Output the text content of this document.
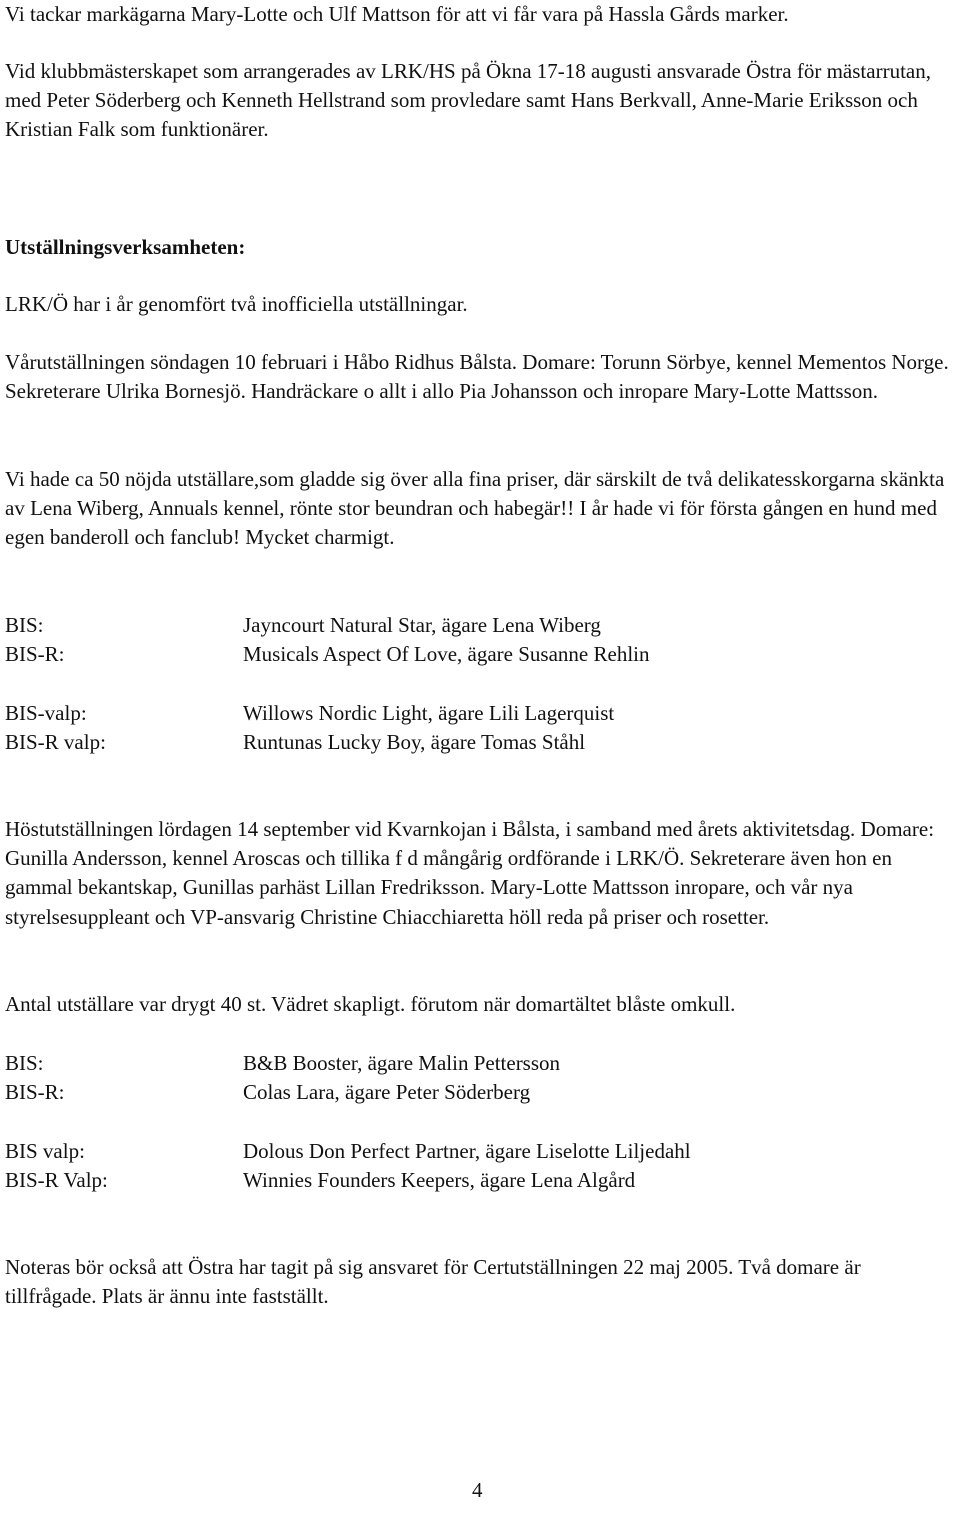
Vi tackar markägarna Mary-Lotte och Ulf Mattson för att vi får vara på Hassla Gårds marker.

Vid klubbmästerskapet som arrangerades av LRK/HS på Ökna 17-18 augusti ansvarade Östra för mästarrutan, med Peter Söderberg och Kenneth Hellstrand som provledare samt Hans Berkvall, Anne-Marie Eriksson och Kristian Falk som funktionärer.

Utställningsverksamheten:

LRK/Ö har i år genomfört två inofficiella utställningar.

Vårutställningen söndagen 10 februari i Håbo Ridhus Bålsta. Domare: Torunn Sörbye, kennel Mementos Norge. Sekreterare Ulrika Bornesjö. Handräckare o allt i allo Pia Johansson och inropare Mary-Lotte Mattsson.

Vi hade ca 50 nöjda utställare,som gladde sig över alla fina priser, där särskilt de två delikatesskorgarna skänkta av Lena Wiberg, Annuals kennel, rönte stor beundran och habegär!! I år hade vi för första gången en hund med egen banderoll och fanclub! Mycket charmigt.

BIS:	Jayncourt Natural Star, ägare Lena Wiberg
BIS-R:	Musicals Aspect Of Love, ägare Susanne Rehlin
BIS-valp:	Willows Nordic Light, ägare Lili Lagerquist
BIS-R valp:	Runtunas Lucky Boy, ägare Tomas Ståhl

Höstutställningen lördagen 14 september vid Kvarnkojan i Bålsta, i samband med årets aktivitetsdag. Domare: Gunilla Andersson, kennel Aroscas och tillika f d mångårig ordförande i LRK/Ö. Sekreterare även hon en gammal bekantskap, Gunillas parhäst Lillan Fredriksson. Mary-Lotte Mattsson inropare, och vår nya styrelsesuppleant och VP-ansvarig Christine Chiacchiaretta höll reda på priser och rosetter.

Antal utställare var drygt 40 st. Vädret skapligt. förutom när domartältet blåste omkull.

BIS:	B&B Booster, ägare Malin Pettersson
BIS-R:	Colas Lara, ägare Peter Söderberg
BIS valp:	Dolous Don Perfect Partner, ägare Liselotte Liljedahl
BIS-R Valp:	Winnies Founders Keepers, ägare Lena Algård

Noteras bör också att Östra har tagit på sig ansvaret för Certutställningen 22 maj 2005. Två domare är tillfrågade. Plats är ännu inte fastställt.

4
